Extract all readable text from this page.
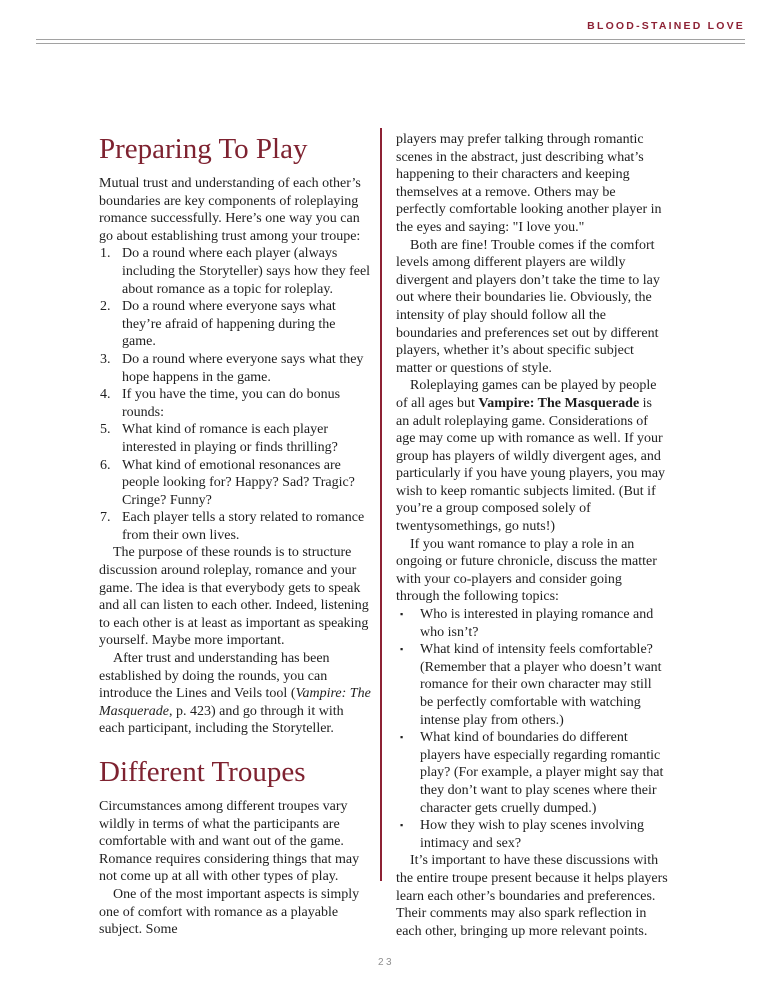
BLOOD-STAINED LOVE
Preparing To Play

Mutual trust and understanding of each other’s boundaries are key components of roleplaying romance successfully. Here’s one way you can go about establishing trust among your troupe:

1. Do a round where each player (always including the Storyteller) says how they feel about romance as a topic for roleplay.
2. Do a round where everyone says what they’re afraid of happening during the game.
3. Do a round where everyone says what they hope happens in the game.
4. If you have the time, you can do bonus rounds:
5. What kind of romance is each player interested in playing or finds thrilling?
6. What kind of emotional resonances are people looking for? Happy? Sad? Tragic? Cringe? Funny?
7. Each player tells a story related to romance from their own lives.

The purpose of these rounds is to structure discussion around roleplay, romance and your game. The idea is that everybody gets to speak and all can listen to each other. Indeed, listening to each other is at least as important as speaking yourself. Maybe more important.

After trust and understanding has been established by doing the rounds, you can introduce the Lines and Veils tool (Vampire: The Masquerade, p. 423) and go through it with each participant, including the Storyteller.

Different Troupes

Circumstances among different troupes vary wildly in terms of what the participants are comfortable with and want out of the game. Romance requires considering things that may not come up at all with other types of play.

One of the most important aspects is simply one of comfort with romance as a playable subject. Some

players may prefer talking through romantic scenes in the abstract, just describing what’s happening to their characters and keeping themselves at a remove. Others may be perfectly comfortable looking another player in the eyes and saying: "I love you."

Both are fine! Trouble comes if the comfort levels among different players are wildly divergent and players don’t take the time to lay out where their boundaries lie. Obviously, the intensity of play should follow all the boundaries and preferences set out by different players, whether it’s about specific subject matter or questions of style.

Roleplaying games can be played by people of all ages but Vampire: The Masquerade is an adult roleplaying game. Considerations of age may come up with romance as well. If your group has players of wildly divergent ages, and particularly if you have young players, you may wish to keep romantic subjects limited. (But if you’re a group composed solely of twentysomethings, go nuts!)

If you want romance to play a role in an ongoing or future chronicle, discuss the matter with your co-players and consider going through the following topics:

▪ Who is interested in playing romance and who isn’t?
▪ What kind of intensity feels comfortable? (Remember that a player who doesn’t want romance for their own character may still be perfectly comfortable with watching intense play from others.)
▪ What kind of boundaries do different players have especially regarding romantic play? (For example, a player might say that they don’t want to play scenes where their character gets cruelly dumped.)
▪ How they wish to play scenes involving intimacy and sex?

It’s important to have these discussions with the entire troupe present because it helps players learn each other’s boundaries and preferences. Their comments may also spark reflection in each other, bringing up more relevant points.

23
